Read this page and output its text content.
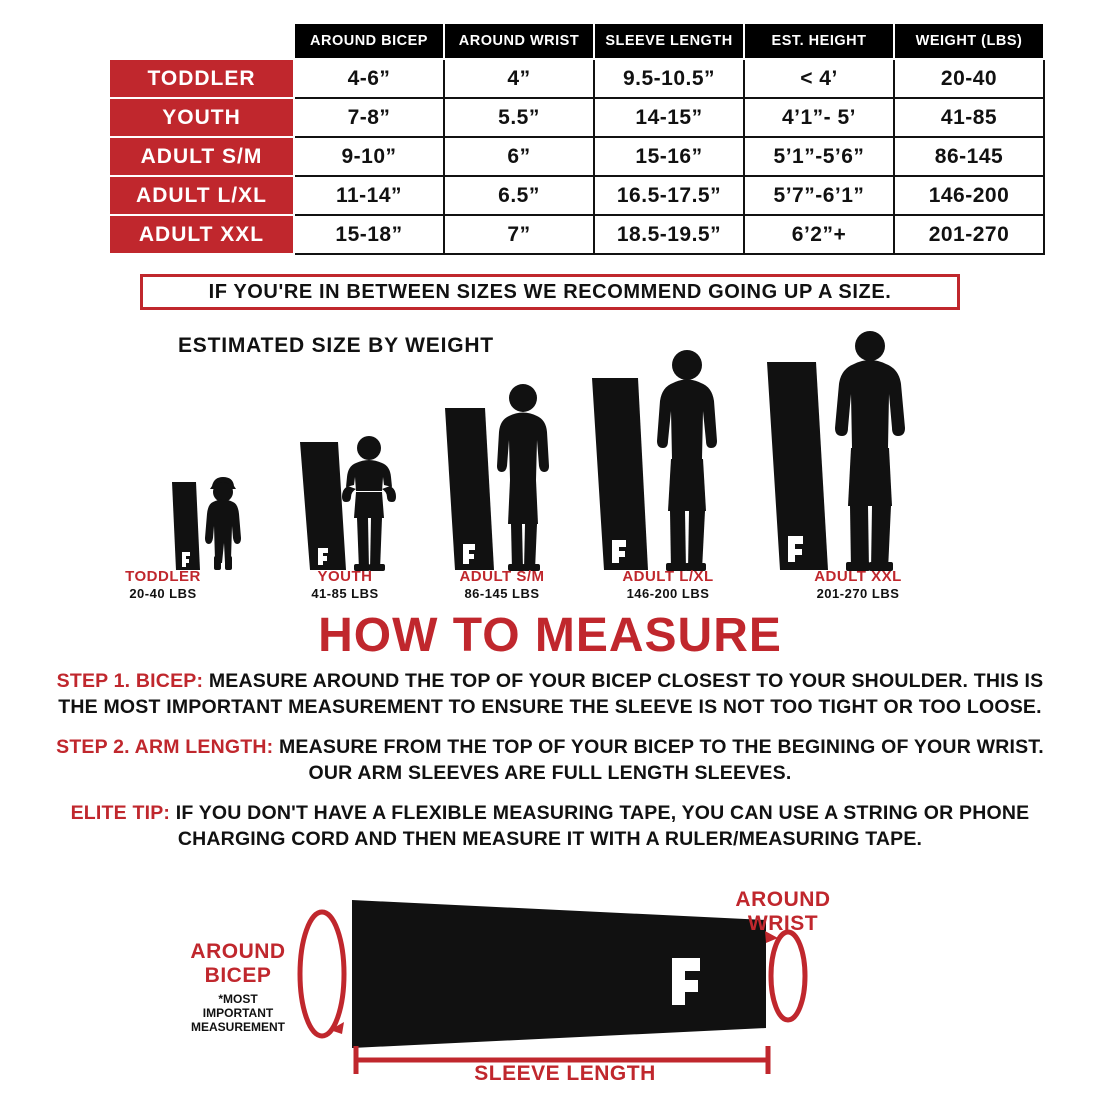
	AROUND BICEP	AROUND WRIST	SLEEVE LENGTH	EST. HEIGHT	WEIGHT (LBS)
TODDLER	4-6”	4”	9.5-10.5”	< 4’	20-40
YOUTH	7-8”	5.5”	14-15”	4’1”- 5’	41-85
ADULT S/M	9-10”	6”	15-16”	5’1”-5’6”	86-145
ADULT L/XL	11-14”	6.5”	16.5-17.5”	5’7”-6’1”	146-200
ADULT XXL	15-18”	7”	18.5-19.5”	6’2”+	201-270
IF YOU'RE IN BETWEEN SIZES WE RECOMMEND GOING UP A SIZE.
ESTIMATED SIZE BY WEIGHT
TODDLER
20-40 LBS
YOUTH
41-85 LBS
ADULT S/M
86-145 LBS
ADULT L/XL
146-200 LBS
ADULT XXL
201-270 LBS
HOW TO MEASURE
STEP 1. BICEP: MEASURE AROUND THE TOP OF YOUR BICEP CLOSEST TO YOUR SHOULDER. THIS IS THE MOST IMPORTANT MEASUREMENT TO ENSURE THE SLEEVE IS NOT TOO TIGHT OR TOO LOOSE.
STEP 2. ARM LENGTH: MEASURE FROM THE TOP OF YOUR BICEP TO THE BEGINING OF YOUR WRIST. OUR ARM SLEEVES ARE FULL LENGTH SLEEVES.
ELITE TIP: IF YOU DON'T HAVE A FLEXIBLE MEASURING TAPE, YOU CAN USE A STRING OR PHONE CHARGING CORD AND THEN MEASURE IT WITH A RULER/MEASURING TAPE.
AROUND
BICEP
*MOST
IMPORTANT
MEASUREMENT
AROUND
WRIST
SLEEVE LENGTH
